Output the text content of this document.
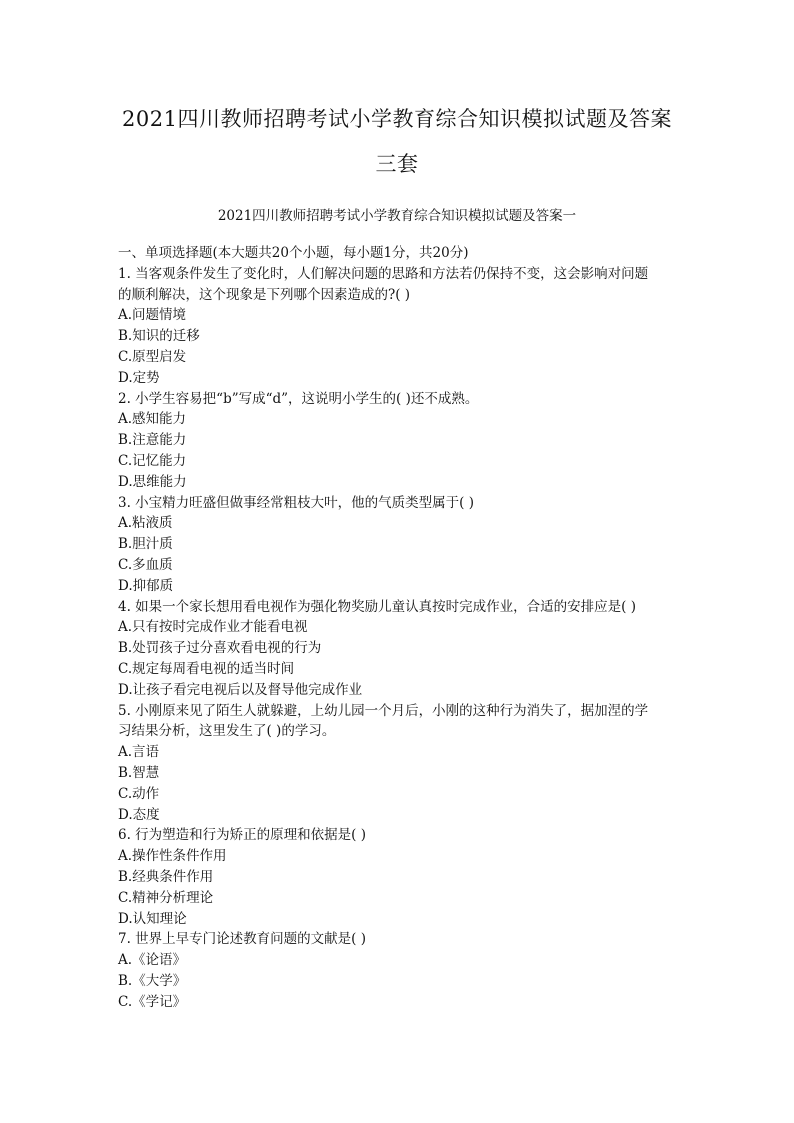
2021四川教师招聘考试小学教育综合知识模拟试题及答案
三套
2021四川教师招聘考试小学教育综合知识模拟试题及答案一
一、单项选择题(本大题共20个小题，每小题1分，共20分)
1. 当客观条件发生了变化时，人们解决问题的思路和方法若仍保持不变，这会影响对问题
的顺利解决，这个现象是下列哪个因素造成的?( )
A.问题情境
B.知识的迁移
C.原型启发
D.定势
2. 小学生容易把“b”写成“d”，这说明小学生的( )还不成熟。
A.感知能力
B.注意能力
C.记忆能力
D.思维能力
3. 小宝精力旺盛但做事经常粗枝大叶，他的气质类型属于( )
A.粘液质
B.胆汁质
C.多血质
D.抑郁质
4. 如果一个家长想用看电视作为强化物奖励儿童认真按时完成作业，合适的安排应是( )
A.只有按时完成作业才能看电视
B.处罚孩子过分喜欢看电视的行为
C.规定每周看电视的适当时间
D.让孩子看完电视后以及督导他完成作业
5. 小刚原来见了陌生人就躲避，上幼儿园一个月后，小刚的这种行为消失了，据加涅的学
习结果分析，这里发生了( )的学习。
A.言语
B.智慧
C.动作
D.态度
6. 行为塑造和行为矫正的原理和依据是( )
A.操作性条件作用
B.经典条件作用
C.精神分析理论
D.认知理论
7. 世界上早专门论述教育问题的文献是( )
A.《论语》
B.《大学》
C.《学记》
